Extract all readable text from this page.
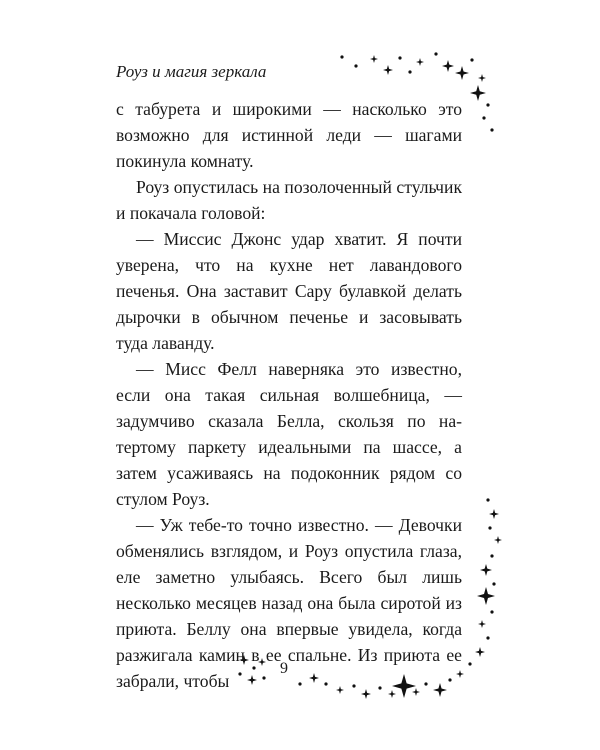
Роуз и магия зеркала

с табурета и широкими — насколько это возможно для истинной леди — шагами покинула комнату.

Роуз опустилась на позолоченный стульчик и покачала головой:

— Миссис Джонс удар хватит. Я почти уверена, что на кухне нет лавандового печенья. Она заставит Сару булавкой делать дырочки в обычном печенье и засовывать туда лаванду.

— Мисс Фелл наверняка это известно, если она такая сильная волшебница, — задумчиво сказала Белла, скользя по натертому паркету идеальными па шассе, а затем усаживаясь на подоконник рядом со стулом Роуз.

— Уж тебе-то точно известно. — Девочки обменялись взглядом, и Роуз опустила глаза, еле заметно улыбаясь. Всего был лишь несколько месяцев назад она была сиротой из приюта. Беллу она впервые увидела, когда разжигала камин в ее спальне. Из приюта ее забрали, чтобы

9
